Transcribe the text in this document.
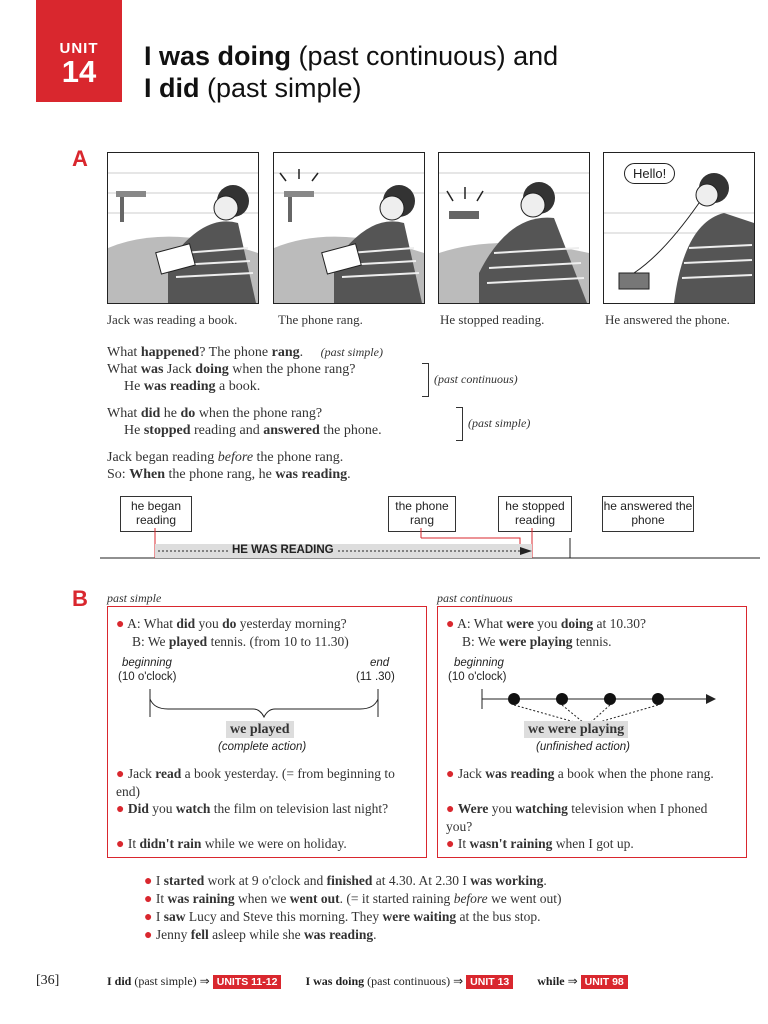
UNIT
14	I was doing (past continuous) and
I did (past simple)
A
Hello!
Jack was reading a book.	The phone rang.	He stopped reading.	He answered the phone.
What happened? The phone rang. (past simple)
What was Jack doing when the phone rang?
He was reading a book.	(past continuous)
What did he do when the phone rang?
He stopped reading and answered the phone.	(past simple)
Jack began reading before the phone rang.
So: When the phone rang, he was reading.
he began reading
the phone rang
he stopped reading
he answered the phone
HE WAS READING
B past simple	past continuous
● A: What did you do yesterday morning?
B: We played tennis. (from 10 to 11.30)
beginning
(10 o'clock)
end
(11 .30)
we played
(complete action)
● Jack read a book yesterday. (= from beginning to end)
● Did you watch the film on television last night?
● It didn't rain while we were on holiday.
● A: What were you doing at 10.30?
B: We were playing tennis.
beginning
(10 o'clock)
we were playing
(unfinished action)
● Jack was reading a book when the phone rang.
● Were you watching television when I phoned you?
● It wasn't raining when I got up.
● I started work at 9 o'clock and finished at 4.30. At 2.30 I was working.
● It was raining when we went out. (= it started raining before we went out)
● I saw Lucy and Steve this morning. They were waiting at the bus stop.
● Jenny fell asleep while she was reading.
[36]	I did (past simple) ⇒ UNITS 11-12 I was doing (past continuous) ⇒ UNIT 13 while ⇒ UNIT 98
